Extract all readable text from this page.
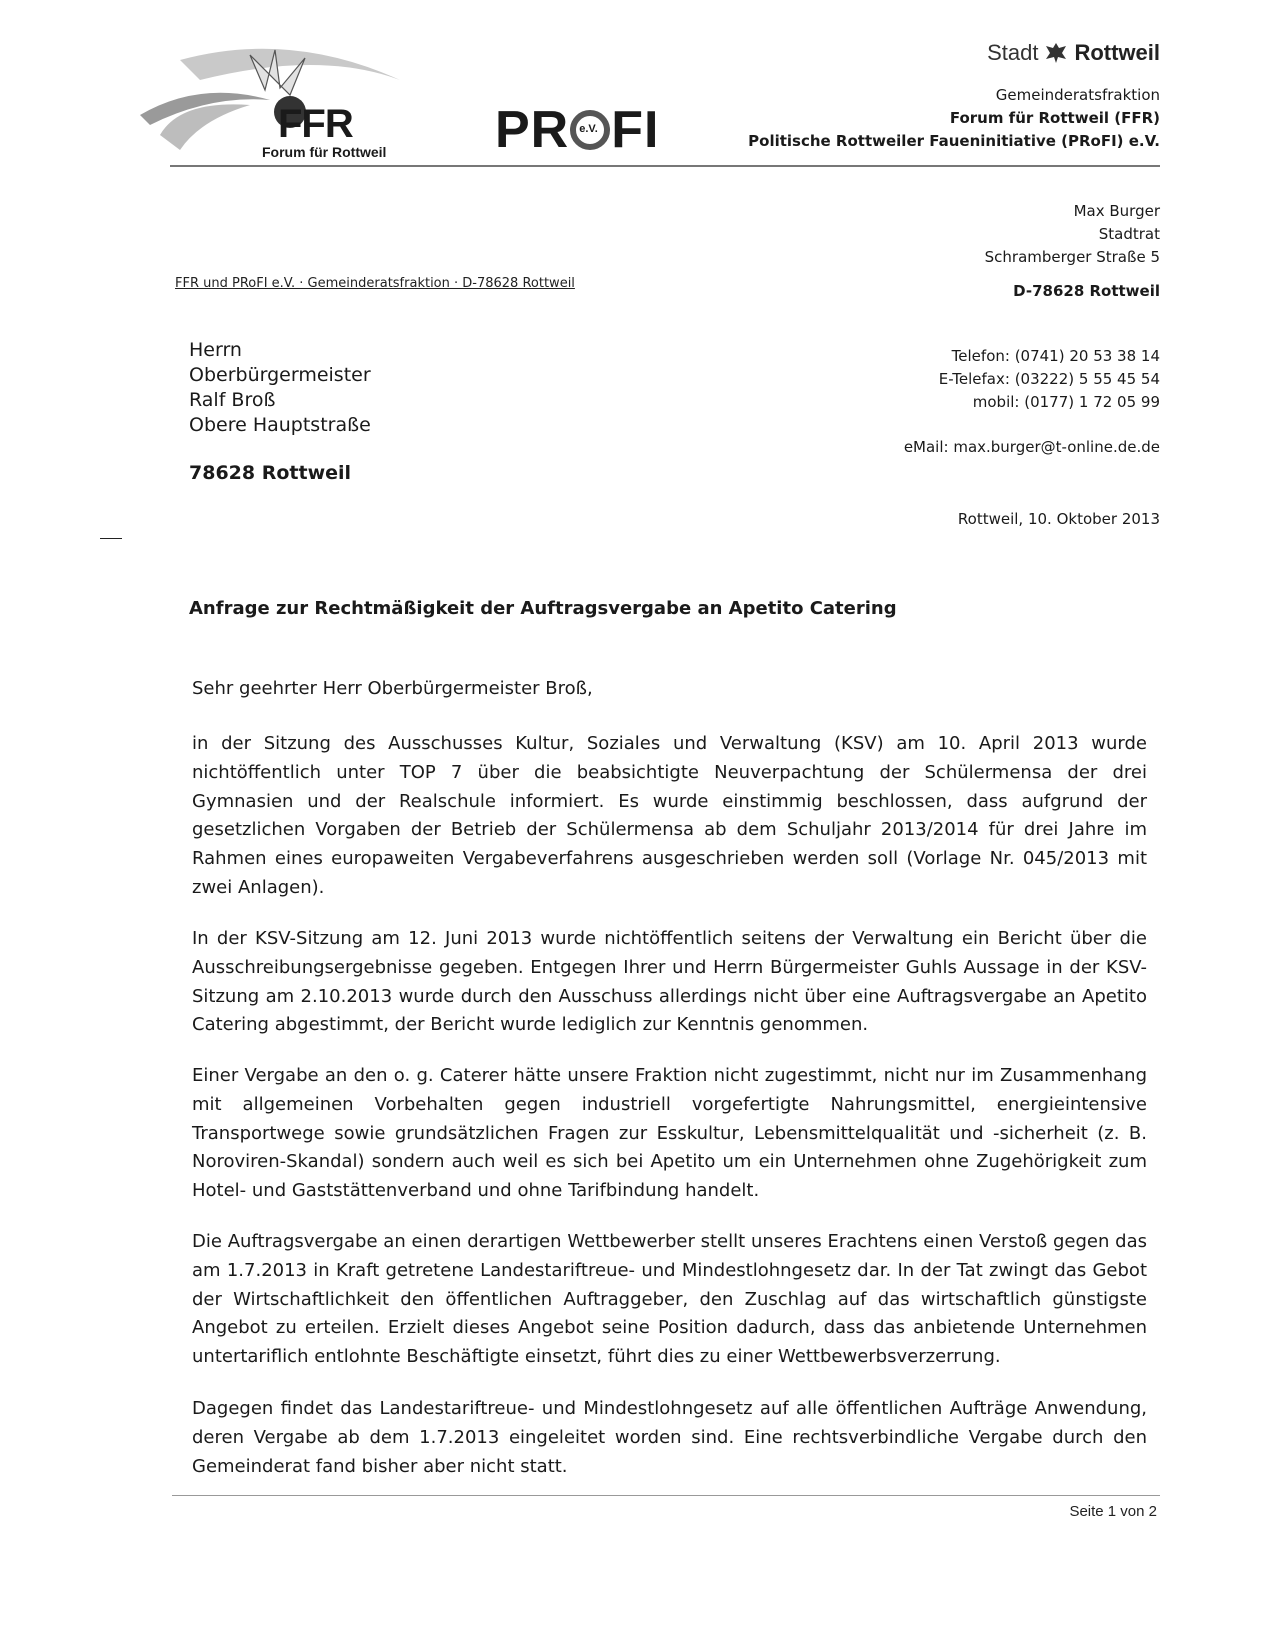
FFR
Forum für Rottweil PR e.V. FI
Stadt Rottweil
Gemeinderatsfraktion
Forum für Rottweil (FFR)
Politische Rottweiler Faueninitiative (PRoFI) e.V.
Max Burger
Stadtrat
Schramberger Straße 5
D-78628 Rottweil
FFR und PRoFI e.V. · Gemeinderatsfraktion · D-78628 Rottweil
Herrn
Oberbürgermeister
Ralf Broß
Obere Hauptstraße
78628 Rottweil
Telefon: (0741) 20 53 38 14
E-Telefax: (03222) 5 55 45 54
mobil: (0177) 1 72 05 99
eMail: max.burger@t-online.de.de
Rottweil, 10. Oktober 2013
Anfrage zur Rechtmäßigkeit der Auftragsvergabe an Apetito Catering
Sehr geehrter Herr Oberbürgermeister Broß,

in der Sitzung des Ausschusses Kultur, Soziales und Verwaltung (KSV) am 10. April 2013 wurde nichtöffentlich unter TOP 7 über die beabsichtigte Neuverpachtung der Schülermensa der drei Gymnasien und der Realschule informiert. Es wurde einstimmig beschlossen, dass aufgrund der gesetzlichen Vorgaben der Betrieb der Schülermensa ab dem Schuljahr 2013/2014 für drei Jahre im Rahmen eines europaweiten Vergabeverfahrens ausgeschrieben werden soll (Vorlage Nr. 045/2013 mit zwei Anlagen).

In der KSV-Sitzung am 12. Juni 2013 wurde nichtöffentlich seitens der Verwaltung ein Bericht über die Ausschreibungsergebnisse gegeben. Entgegen Ihrer und Herrn Bürgermeister Guhls Aussage in der KSV-Sitzung am 2.10.2013 wurde durch den Ausschuss allerdings nicht über eine Auftragsvergabe an Apetito Catering abgestimmt, der Bericht wurde lediglich zur Kenntnis genommen.

Einer Vergabe an den o. g. Caterer hätte unsere Fraktion nicht zugestimmt, nicht nur im Zusammenhang mit allgemeinen Vorbehalten gegen industriell vorgefertigte Nahrungsmittel, energieintensive Transportwege sowie grundsätzlichen Fragen zur Esskultur, Lebensmittelqualität und -sicherheit (z. B. Noroviren-Skandal) sondern auch weil es sich bei Apetito um ein Unternehmen ohne Zugehörigkeit zum Hotel- und Gaststättenverband und ohne Tarifbindung handelt.

Die Auftragsvergabe an einen derartigen Wettbewerber stellt unseres Erachtens einen Verstoß gegen das am 1.7.2013 in Kraft getretene Landestariftreue- und Mindestlohngesetz dar. In der Tat zwingt das Gebot der Wirtschaftlichkeit den öffentlichen Auftraggeber, den Zuschlag auf das wirtschaftlich günstigste Angebot zu erteilen. Erzielt dieses Angebot seine Position dadurch, dass das anbietende Unternehmen untertariflich entlohnte Beschäftigte einsetzt, führt dies zu einer Wettbewerbsverzerrung.

Dagegen findet das Landestariftreue- und Mindestlohngesetz auf alle öffentlichen Aufträge Anwendung, deren Vergabe ab dem 1.7.2013 eingeleitet worden sind. Eine rechtsverbindliche Vergabe durch den Gemeinderat fand bisher aber nicht statt.

Seite 1 von 2
